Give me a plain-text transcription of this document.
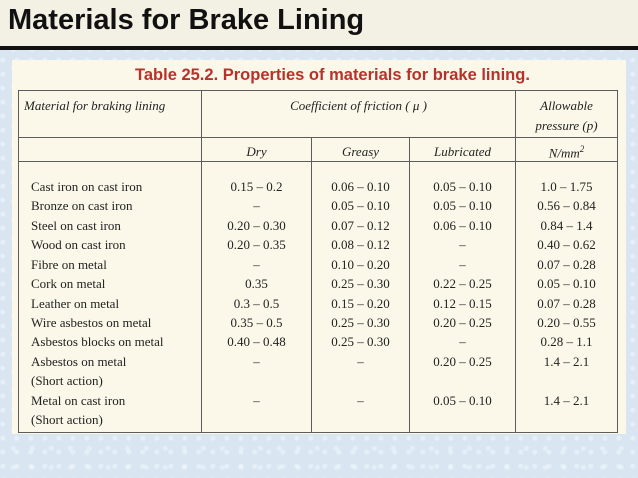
Materials for Brake Lining
Table 25.2. Properties of materials for brake lining.
Material for braking lining	Coefficient of friction ( μ )	Allowable
pressure (p)
Dry	Greasy	Lubricated	$N/mm^2$
Cast iron on cast iron	0.15 – 0.2	0.06 – 0.10	0.05 – 0.10	1.0 – 1.75
Bronze on cast iron	–	0.05 – 0.10	0.05 – 0.10	0.56 – 0.84
Steel on cast iron	0.20 – 0.30	0.07 – 0.12	0.06 – 0.10	0.84 – 1.4
Wood on cast iron	0.20 – 0.35	0.08 – 0.12	–	0.40 – 0.62
Fibre on metal	–	0.10 – 0.20	–	0.07 – 0.28
Cork on metal	0.35	0.25 – 0.30	0.22 – 0.25	0.05 – 0.10
Leather on metal	0.3 – 0.5	0.15 – 0.20	0.12 – 0.15	0.07 – 0.28
Wire asbestos on metal	0.35 – 0.5	0.25 – 0.30	0.20 – 0.25	0.20 – 0.55
Asbestos blocks on metal	0.40 – 0.48	0.25 – 0.30	–	0.28 – 1.1
Asbestos on metal	–	–	0.20 – 0.25	1.4 – 2.1
(Short action)
Metal on cast iron	–	–	0.05 – 0.10	1.4 – 2.1
(Short action)
